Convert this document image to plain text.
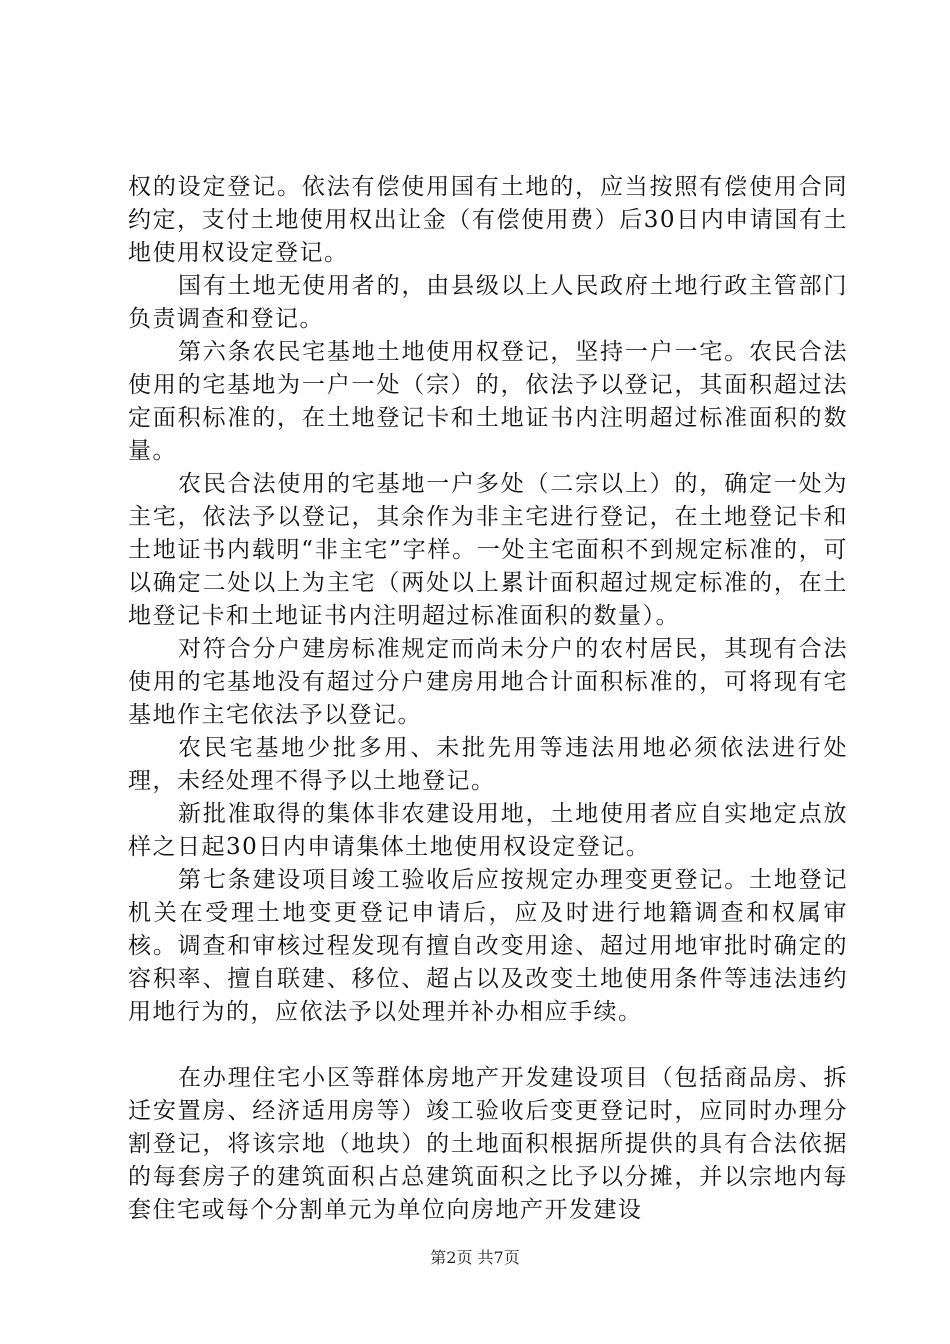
权的设定登记。依法有偿使用国有土地的，应当按照有偿使用合同约定，支付土地使用权出让金（有偿使用费）后30日内申请国有土地使用权设定登记。

国有土地无使用者的，由县级以上人民政府土地行政主管部门负责调查和登记。

第六条农民宅基地土地使用权登记，坚持一户一宅。农民合法使用的宅基地为一户一处（宗）的，依法予以登记，其面积超过法定面积标准的，在土地登记卡和土地证书内注明超过标准面积的数量。

农民合法使用的宅基地一户多处（二宗以上）的，确定一处为主宅，依法予以登记，其余作为非主宅进行登记，在土地登记卡和土地证书内载明“非主宅”字样。一处主宅面积不到规定标准的，可以确定二处以上为主宅（两处以上累计面积超过规定标准的，在土地登记卡和土地证书内注明超过标准面积的数量）。

对符合分户建房标准规定而尚未分户的农村居民，其现有合法使用的宅基地没有超过分户建房用地合计面积标准的，可将现有宅基地作主宅依法予以登记。

农民宅基地少批多用、未批先用等违法用地必须依法进行处理，未经处理不得予以土地登记。

新批准取得的集体非农建设用地，土地使用者应自实地定点放样之日起30日内申请集体土地使用权设定登记。

第七条建设项目竣工验收后应按规定办理变更登记。土地登记机关在受理土地变更登记申请后，应及时进行地籍调查和权属审核。调查和审核过程发现有擅自改变用途、超过用地审批时确定的容积率、擅自联建、移位、超占以及改变土地使用条件等违法违约用地行为的，应依法予以处理并补办相应手续。

在办理住宅小区等群体房地产开发建设项目（包括商品房、拆迁安置房、经济适用房等）竣工验收后变更登记时，应同时办理分割登记，将该宗地（地块）的土地面积根据所提供的具有合法依据的每套房子的建筑面积占总建筑面积之比予以分摊，并以宗地内每套住宅或每个分割单元为单位向房地产开发建设

第2页 共7页
